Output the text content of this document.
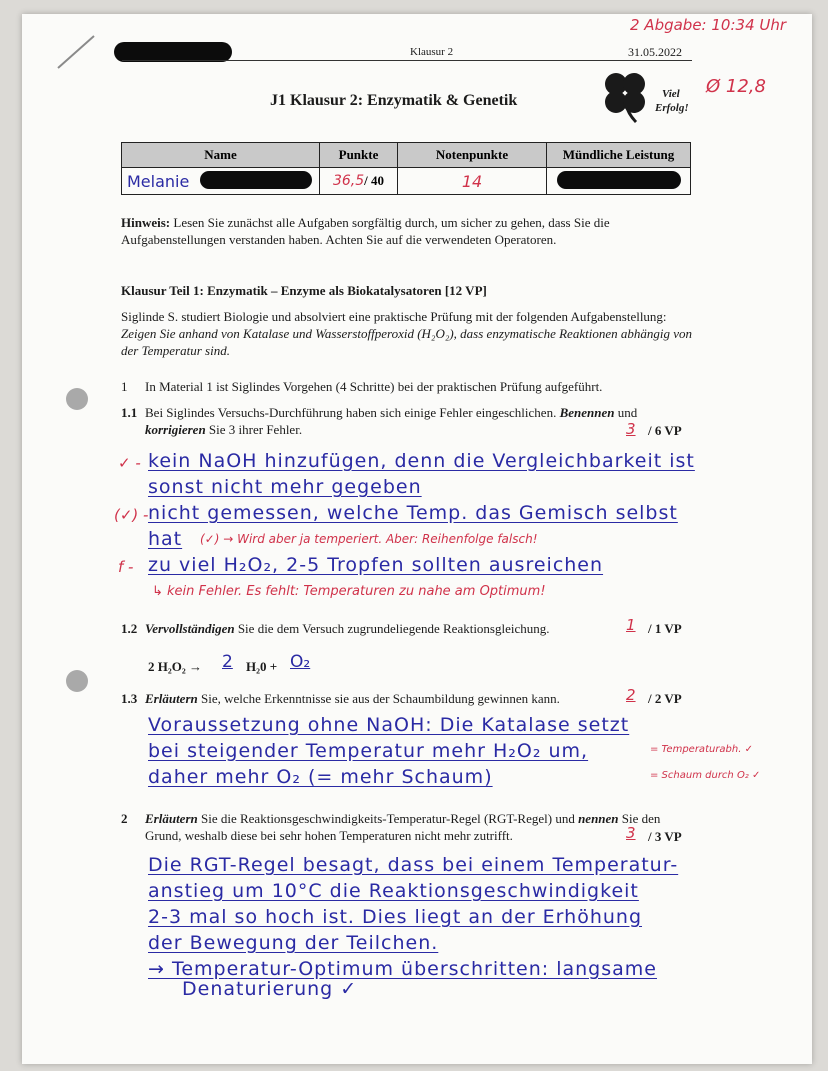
2 Abgabe: 10:34 Uhr
Klausur 2	31.05.2022
J1 Klausur 2: Enzymatik & Genetik	Viel
Erfolg!
Ø 12,8
Name	Punkte	Notenpunkte	Mündliche Leistung
Melanie	36,5/ 40	14	
Hinweis: Lesen Sie zunächst alle Aufgaben sorgfältig durch, um sicher zu gehen, dass Sie die Aufgabenstellungen verstanden haben. Achten Sie auf die verwendeten Operatoren.
Klausur Teil 1: Enzymatik – Enzyme als Biokatalysatoren [12 VP]
Siglinde S. studiert Biologie und absolviert eine praktische Prüfung mit der folgenden Aufgabenstellung: Zeigen Sie anhand von Katalase und Wasserstoffperoxid (H₂O₂), dass enzymatische Reaktionen abhängig von der Temperatur sind.
1 In Material 1 ist Siglindes Vorgehen (4 Schritte) bei der praktischen Prüfung aufgeführt.
1.1 Bei Siglindes Versuchs-Durchführung haben sich einige Fehler eingeschlichen. Benennen und korrigieren Sie 3 ihrer Fehler.	3 / 6 VP
✓ - kein NaOH hinzufügen, denn die Vergleichbarkeit ist
sonst nicht mehr gegeben
(✓) - nicht gemessen, welche Temp. das Gemisch selbst
hat (✓) → Wird aber ja temperiert. Aber: Reihenfolge falsch!
f - zu viel H₂O₂, 2-5 Tropfen sollten ausreichen
↳ kein Fehler. Es fehlt: Temperaturen zu nahe am Optimum!
1.2 Vervollständigen Sie die dem Versuch zugrundeliegende Reaktionsgleichung.	1 / 1 VP
2 H₂O₂ → 2 H₂0 + O₂
1.3 Erläutern Sie, welche Erkenntnisse sie aus der Schaumbildung gewinnen kann.	2 / 2 VP
Voraussetzung ohne NaOH: Die Katalase setzt
bei steigender Temperatur mehr H₂O₂ um,	= Temperaturabh. ✓
daher mehr O₂ (= mehr Schaum)	= Schaum durch O₂ ✓
2 Erläutern Sie die Reaktionsgeschwindigkeits-Temperatur-Regel (RGT-Regel) und nennen Sie den Grund, weshalb diese bei sehr hohen Temperaturen nicht mehr zutrifft.	3 / 3 VP
Die RGT-Regel besagt, dass bei einem Temperatur-
anstieg um 10°C die Reaktionsgeschwindigkeit
2-3 mal so hoch ist. Dies liegt an der Erhöhung
der Bewegung der Teilchen.
→ Temperatur-Optimum überschritten: langsame
Denaturierung ✓
